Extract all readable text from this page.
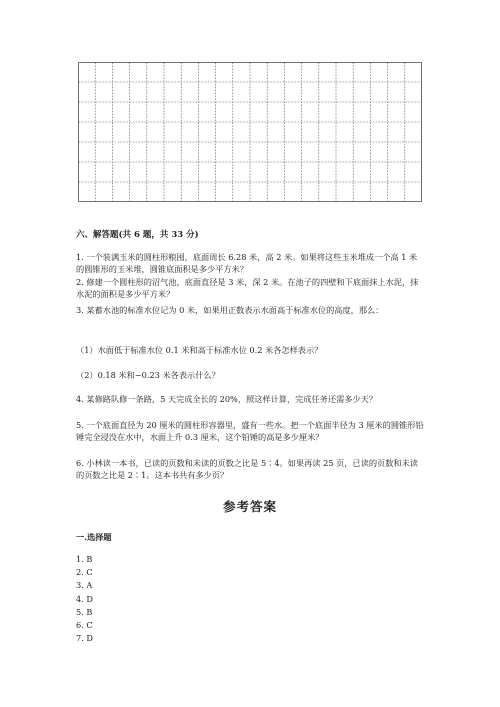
六、解答题(共 6 题，共 33 分)
1. 一个装满玉米的圆柱形粮囤，底面周长 6.28 米，高 2 米。如果将这些玉米堆成一个高 1 米的圆锥形的玉米堆，圆锥底面积是多少平方米？
2. 修建一个圆柱形的沼气池，底面直径是 3 米，深 2 米。在池子的四壁和下底面抹上水泥，抹水泥的面积是多少平方米？
3. 某蓄水池的标准水位记为 0 米，如果用正数表示水面高于标准水位的高度，那么：
（1）水面低于标准水位 0.1 米和高于标准水位 0.2 米各怎样表示？
（2）0.18 米和−0.23 米各表示什么？
4. 某修路队修一条路，5 天完成全长的 20%，照这样计算，完成任务还需多少天？
5. 一个底面直径为 20 厘米的圆柱形容器里，盛有一些水。把一个底面半径为 3 厘米的圆锥形铅锤完全浸没在水中，水面上升 0.3 厘米，这个铅锤的高是多少厘米？
6. 小林读一本书，已读的页数和未读的页数之比是 5∶4。如果再读 25 页，已读的页数和未读的页数之比是 2∶1。这本书共有多少页？
参考答案
一.选择题
1. B
2. C
3. A
4. D
5. B
6. C
7. D
